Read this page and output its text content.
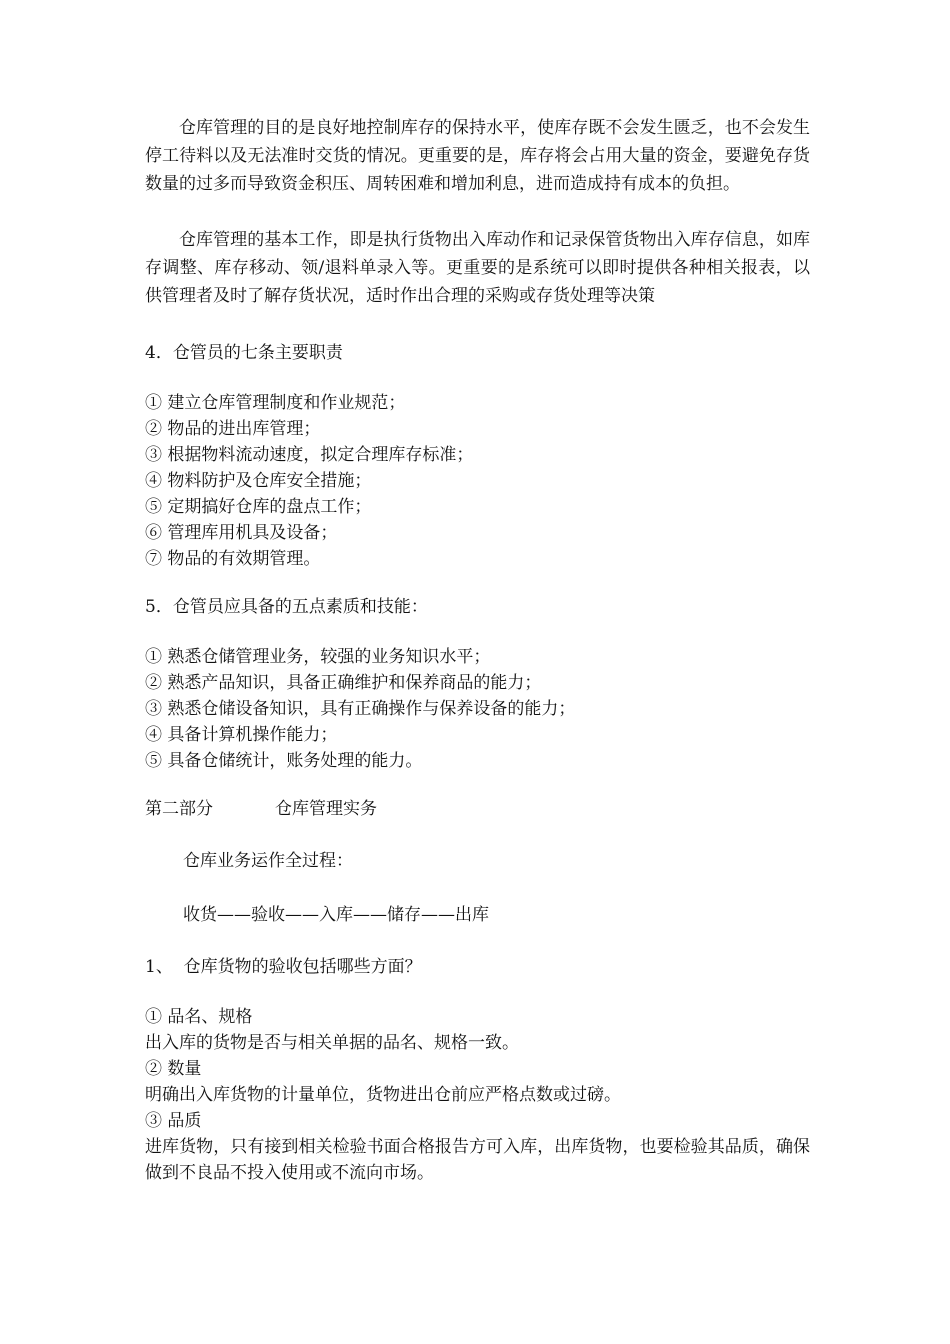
仓库管理的目的是良好地控制库存的保持水平，使库存既不会发生匮乏，也不会发生停工待料以及无法准时交货的情况。更重要的是，库存将会占用大量的资金，要避免存货数量的过多而导致资金积压、周转困难和增加利息，进而造成持有成本的负担。

仓库管理的基本工作，即是执行货物出入库动作和记录保管货物出入库存信息，如库存调整、库存移动、领/退料单录入等。更重要的是系统可以即时提供各种相关报表，以供管理者及时了解存货状况，适时作出合理的采购或存货处理等决策

4．仓管员的七条主要职责

① 建立仓库管理制度和作业规范；

② 物品的进出库管理；

③ 根据物料流动速度，拟定合理库存标准；

④ 物料防护及仓库安全措施；

⑤ 定期搞好仓库的盘点工作；

⑥ 管理库用机具及设备；

⑦ 物品的有效期管理。

5．仓管员应具备的五点素质和技能：

① 熟悉仓储管理业务，较强的业务知识水平；

② 熟悉产品知识，具备正确维护和保养商品的能力；

③ 熟悉仓储设备知识，具有正确操作与保养设备的能力；

④ 具备计算机操作能力；

⑤ 具备仓储统计，账务处理的能力。

第二部分	仓库管理实务

仓库业务运作全过程：

收货——验收——入库——储存——出库

1、  仓库货物的验收包括哪些方面？

① 品名、规格

出入库的货物是否与相关单据的品名、规格一致。

② 数量

明确出入库货物的计量单位，货物进出仓前应严格点数或过磅。

③ 品质

进库货物，只有接到相关检验书面合格报告方可入库，出库货物，也要检验其品质，确保做到不良品不投入使用或不流向市场。
